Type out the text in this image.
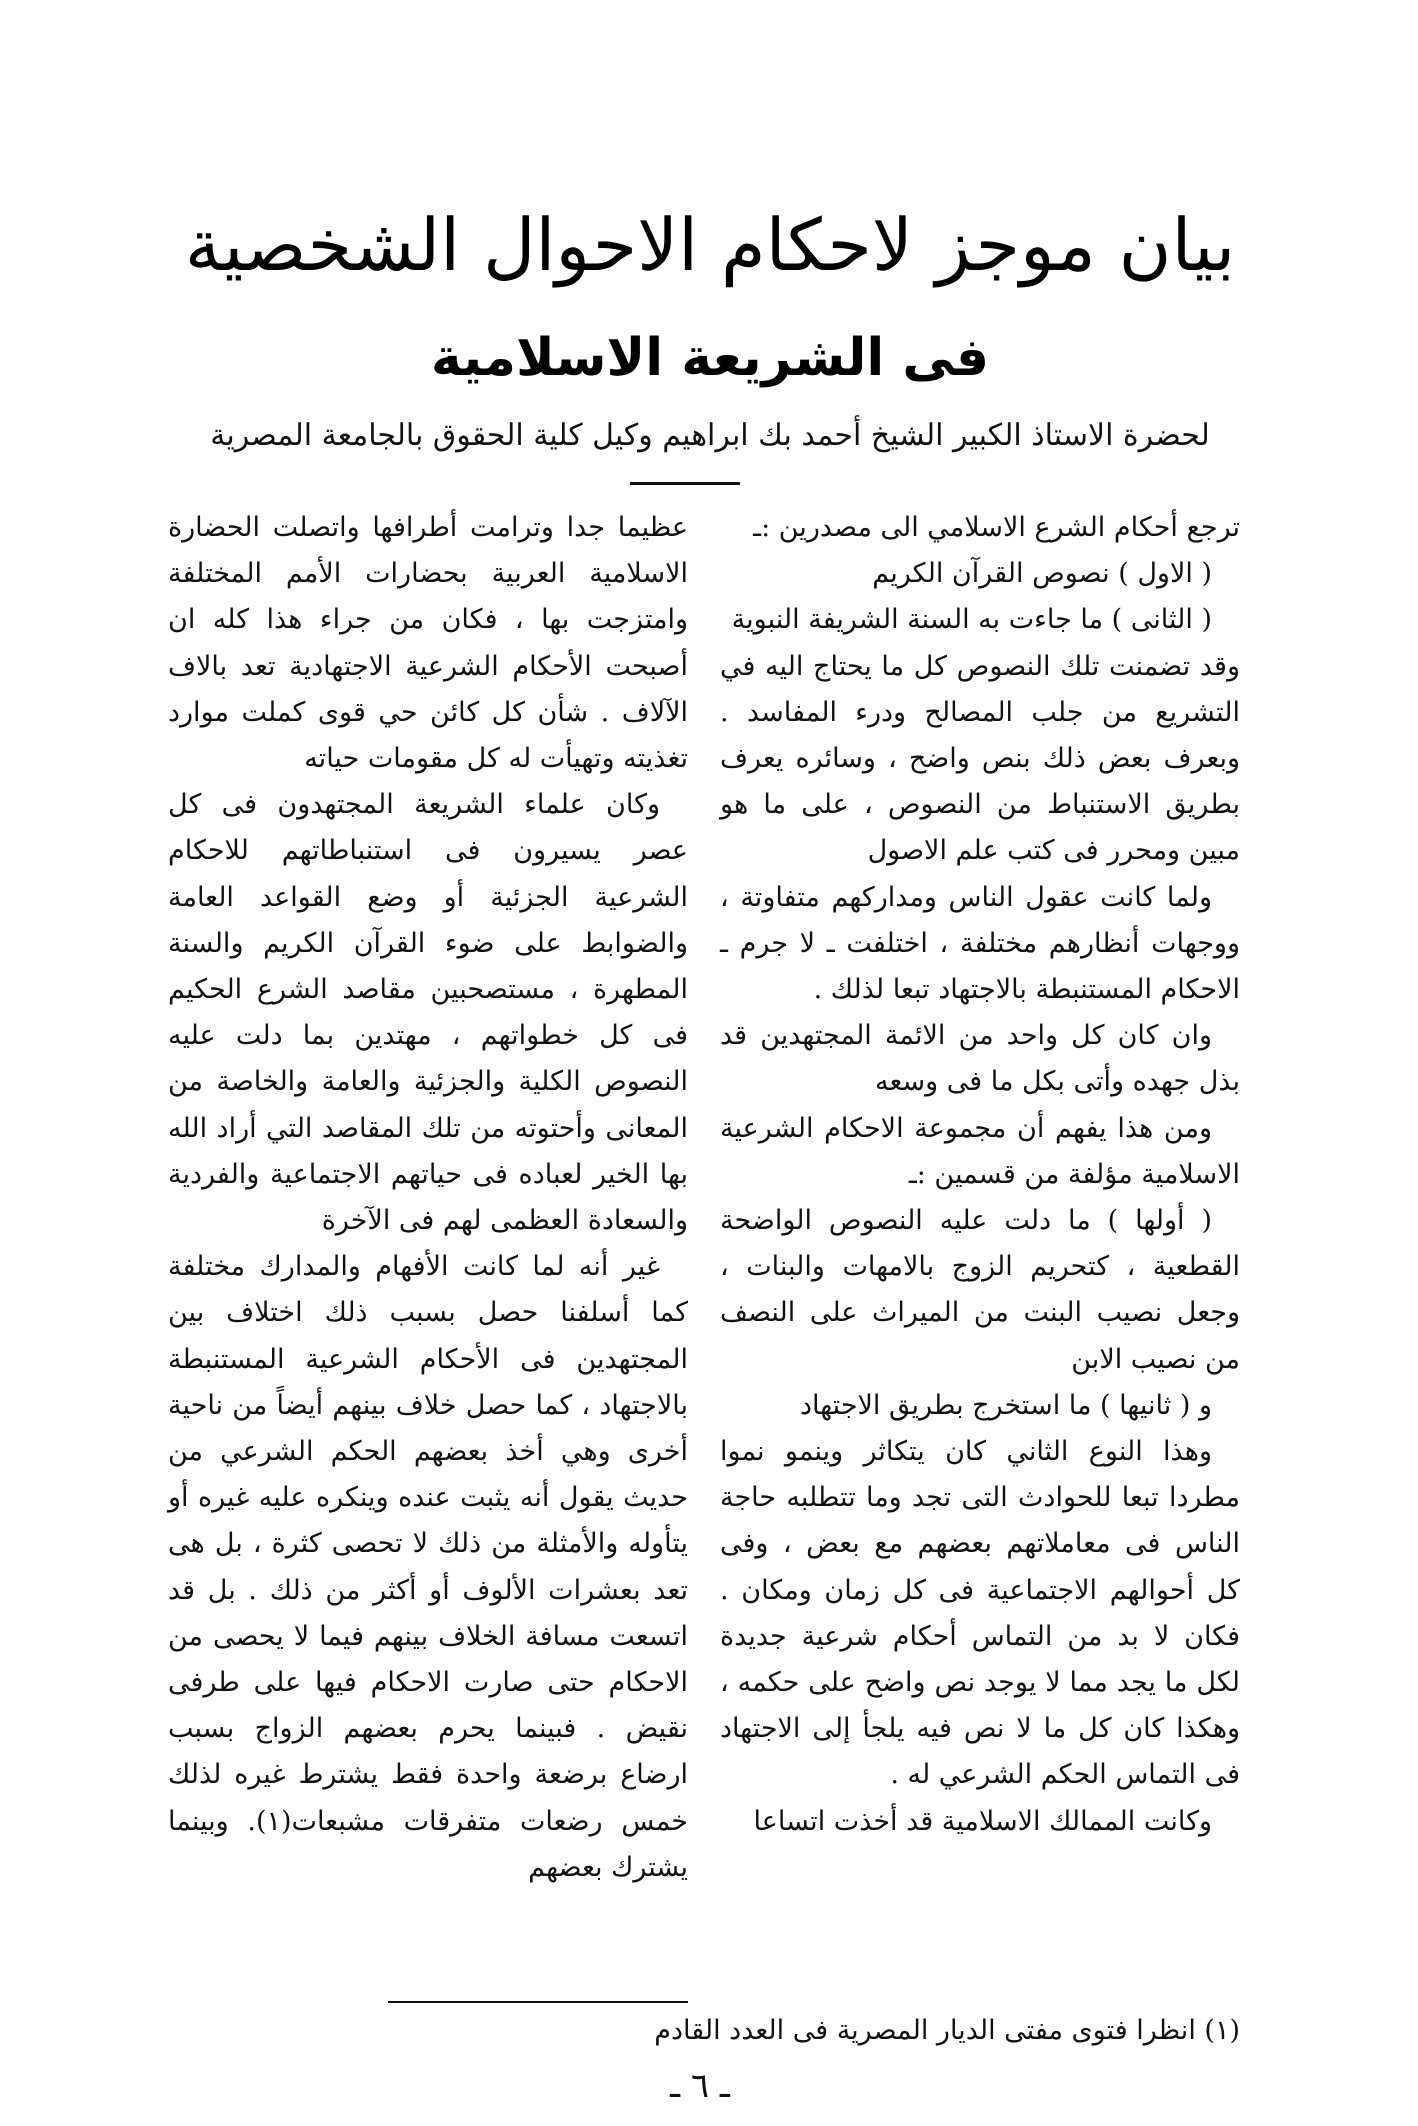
بيان موجز لاحكام الاحوال الشخصية
فى الشريعة الاسلامية
لحضرة الاستاذ الكبير الشيخ أحمد بك ابراهيم وكيل كلية الحقوق بالجامعة المصرية

ترجع أحكام الشرع الاسلامي الى مصدرين :ـ

( الاول ) نصوص القرآن الكريم

( الثانى ) ما جاءت به السنة الشريفة النبوية

وقد تضمنت تلك النصوص كل ما يحتاج اليه في التشريع من جلب المصالح ودرء المفاسد . وبعرف بعض ذلك بنص واضح ، وسائره يعرف بطريق الاستنباط من النصوص ، على ما هو مبين ومحرر فى كتب علم الاصول

ولما كانت عقول الناس ومداركهم متفاوتة ، ووجهات أنظارهم مختلفة ، اختلفت ـ لا جرم ـ الاحكام المستنبطة بالاجتهاد تبعا لذلك .

وان كان كل واحد من الائمة المجتهدين قد بذل جهده وأتى بكل ما فى وسعه

ومن هذا يفهم أن مجموعة الاحكام الشرعية الاسلامية مؤلفة من قسمين :ـ

( أولها ) ما دلت عليه النصوص الواضحة القطعية ، كتحريم الزوج بالامهات والبنات ، وجعل نصيب البنت من الميراث على النصف من نصيب الابن

و ( ثانيها ) ما استخرج بطريق الاجتهاد

وهذا النوع الثاني كان يتكاثر وينمو نموا مطردا تبعا للحوادث التى تجد وما تتطلبه حاجة الناس فى معاملاتهم بعضهم مع بعض ، وفى كل أحوالهم الاجتماعية فى كل زمان ومكان . فكان لا بد من التماس أحكام شرعية جديدة لكل ما يجد مما لا يوجد نص واضح على حكمه ، وهكذا كان كل ما لا نص فيه يلجأ إلى الاجتهاد فى التماس الحكم الشرعي له .

وكانت الممالك الاسلامية قد أخذت اتساعا

عظيما جدا وترامت أطرافها واتصلت الحضارة الاسلامية العربية بحضارات الأمم المختلفة وامتزجت بها ، فكان من جراء هذا كله ان أصبحت الأحكام الشرعية الاجتهادية تعد بالاف الآلاف . شأن كل كائن حي قوى كملت موارد تغذيته وتهيأت له كل مقومات حياته

وكان علماء الشريعة المجتهدون فى كل عصر يسيرون فى استنباطاتهم للاحكام الشرعية الجزئية أو وضع القواعد العامة والضوابط على ضوء القرآن الكريم والسنة المطهرة ، مستصحبين مقاصد الشرع الحكيم فى كل خطواتهم ، مهتدين بما دلت عليه النصوص الكلية والجزئية والعامة والخاصة من المعانى وأحتوته من تلك المقاصد التي أراد الله بها الخير لعباده فى حياتهم الاجتماعية والفردية والسعادة العظمى لهم فى الآخرة

غير أنه لما كانت الأفهام والمدارك مختلفة كما أسلفنا حصل بسبب ذلك اختلاف بين المجتهدين فى الأحكام الشرعية المستنبطة بالاجتهاد ، كما حصل خلاف بينهم أيضاً من ناحية أخرى وهي أخذ بعضهم الحكم الشرعي من حديث يقول أنه يثبت عنده وينكره عليه غيره أو يتأوله والأمثلة من ذلك لا تحصى كثرة ، بل هى تعد بعشرات الألوف أو أكثر من ذلك . بل قد اتسعت مسافة الخلاف بينهم فيما لا يحصى من الاحكام حتى صارت الاحكام فيها على طرفى نقيض . فبينما يحرم بعضهم الزواج بسبب ارضاع برضعة واحدة فقط يشترط غيره لذلك خمس رضعات متفرقات مشبعات(١). وبينما يشترك بعضهم

(١) انظرا فتوى مفتى الديار المصرية فى العدد القادم
ـ ٦ ـ
